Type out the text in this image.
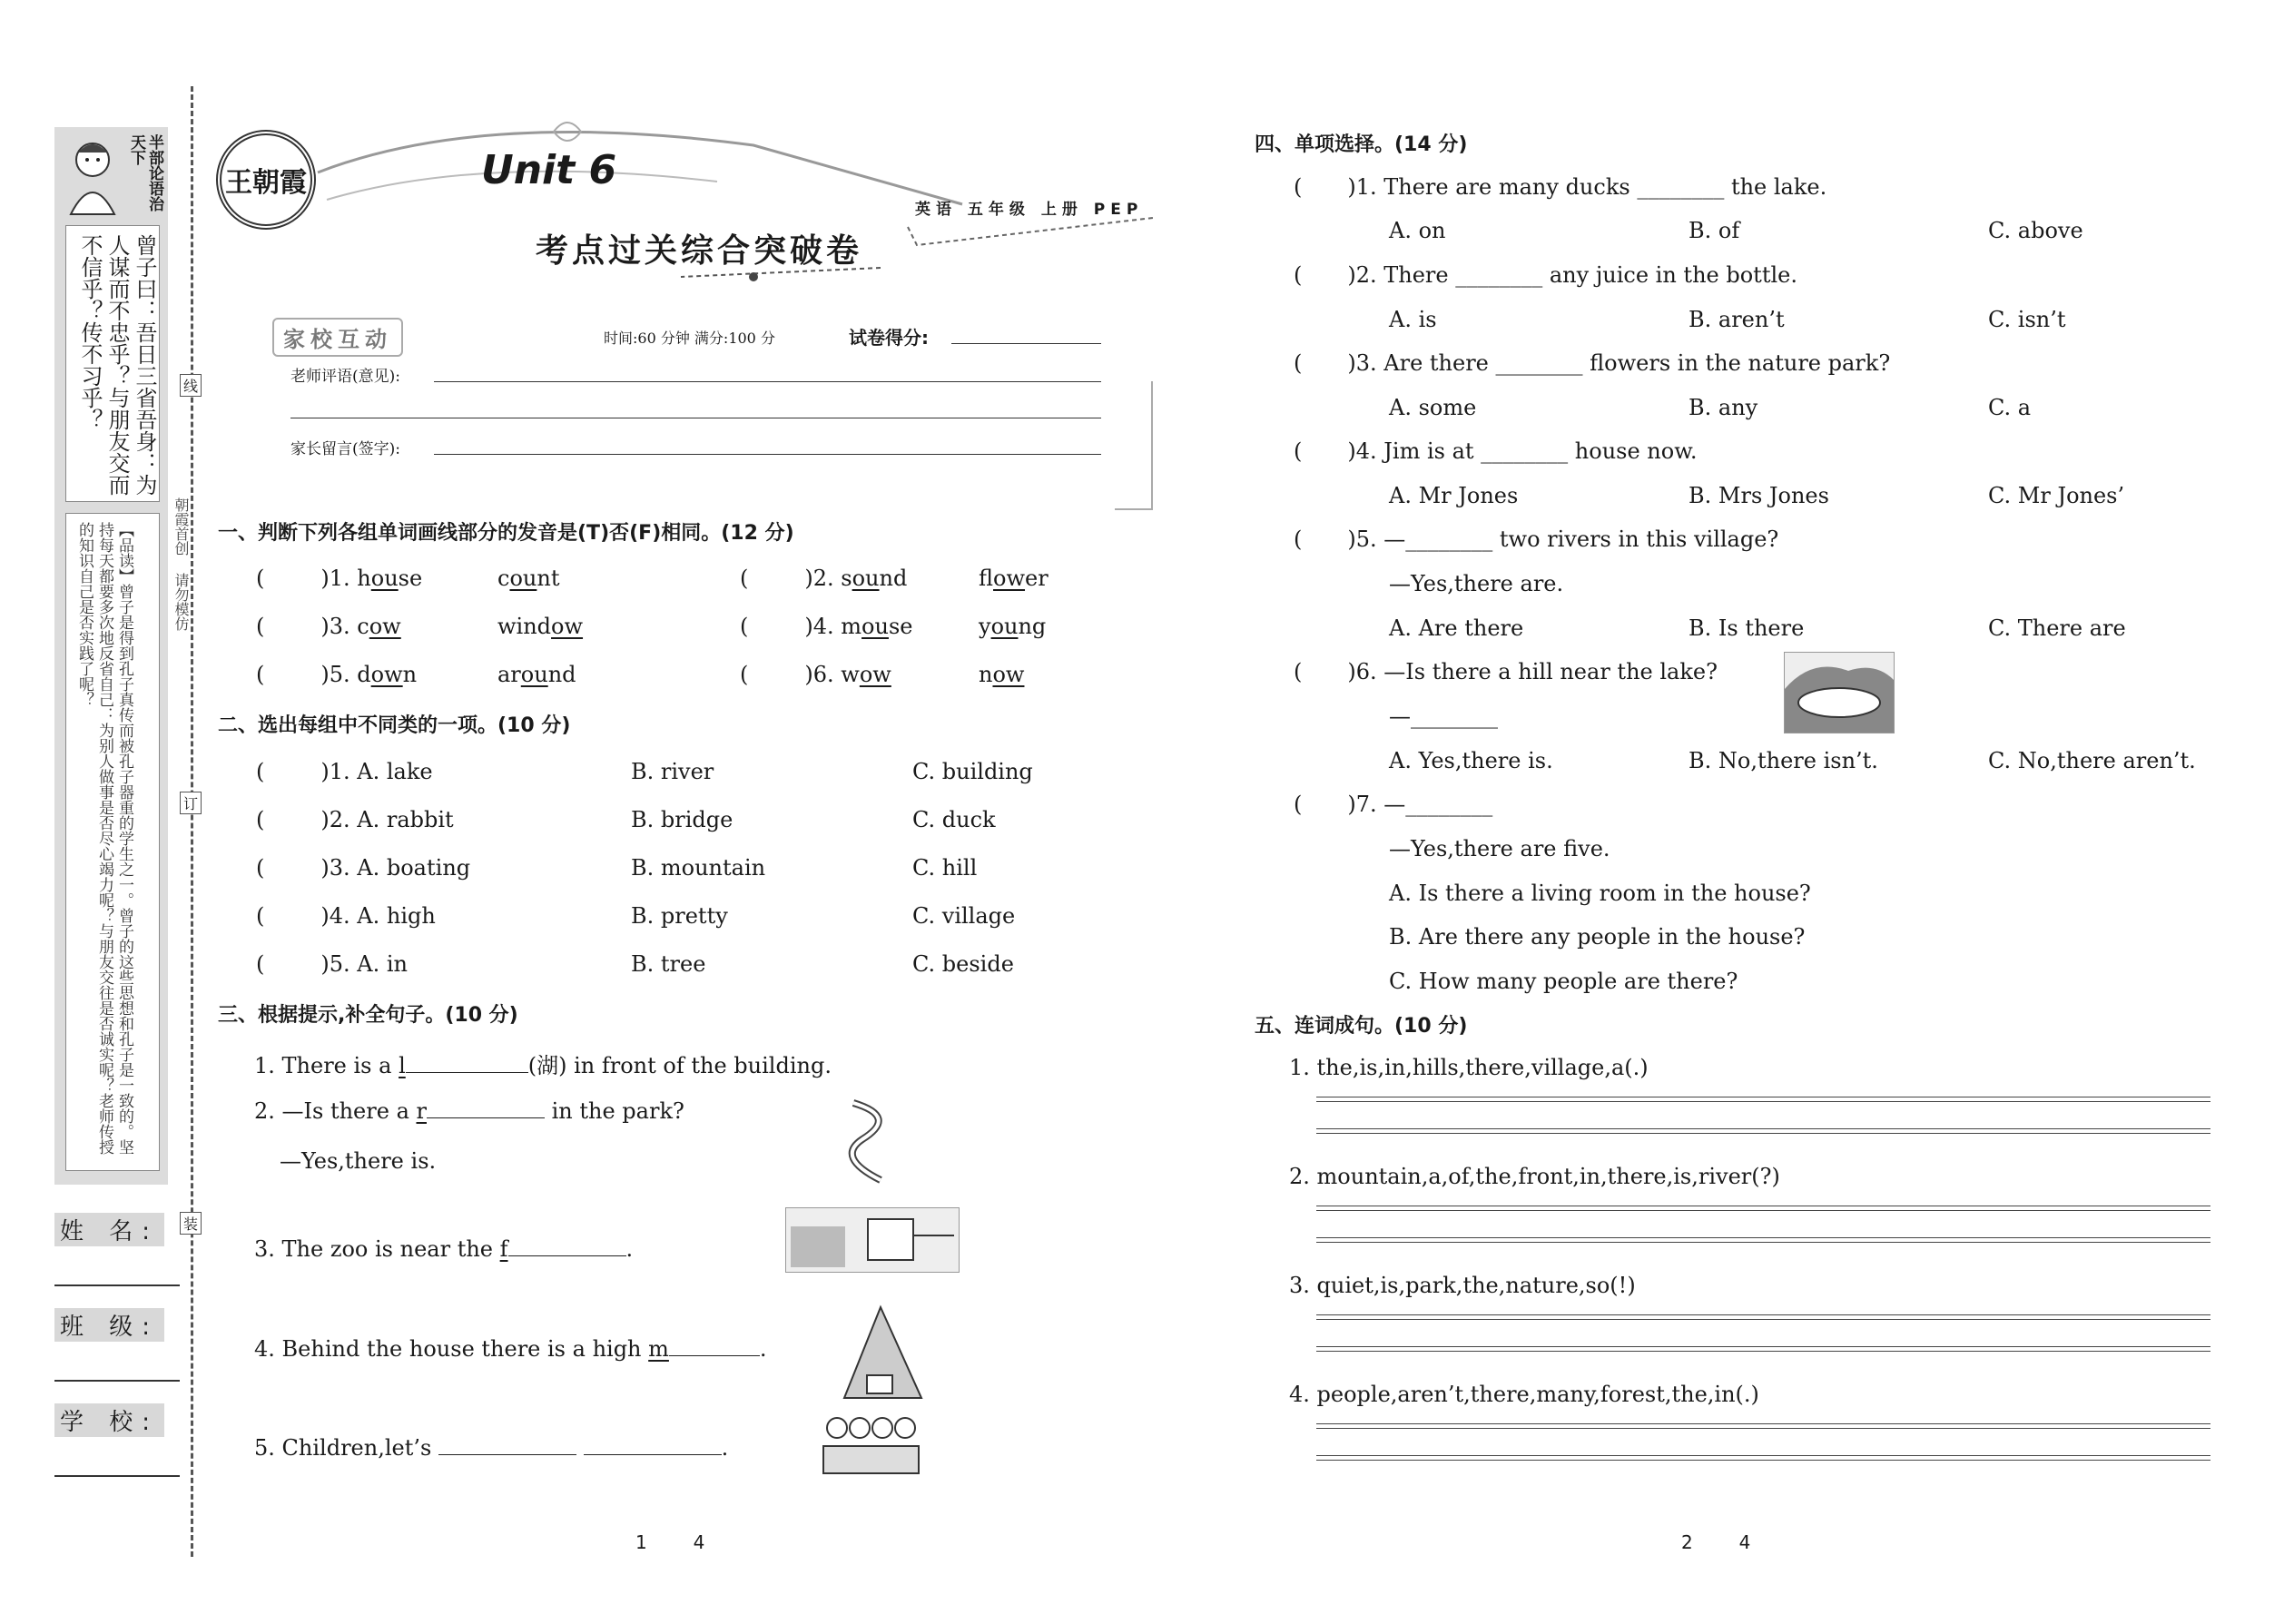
半部论语治天下
曾子曰：吾日三省吾身：为人谋而不忠乎？与朋友交而不信乎？传不习乎？
【品读】曾子是得到孔子真传而被孔子器重的学生之一。曾子的这些思想和孔子是一致的。坚持每天都要多次地反省自己：为别人做事是否尽心竭力呢？与朋友交往是否诚实呢？老师传授的知识自己是否实践了呢？
姓 名:
班 级:
学 校:
朝霞首创 请勿模仿
线
订
装
王朝霞	Unit 6
考点过关综合突破卷
英语 五年级 上册 PEP
家校互动	时间:60 分钟 满分:100 分	试卷得分:
老师评语(意见):
家长留言(签字):
一、判断下列各组单词画线部分的发音是(T)否(F)相同。(12 分)
(	)1. house	count	(	)2. sound	flower
(	)3. cow	window	(	)4. mouse	young
(	)5. down	around	(	)6. wow	now
二、选出每组中不同类的一项。(10 分)
(	)1. A. lake	B. river	C. building
(	)2. A. rabbit	B. bridge	C. duck
(	)3. A. boating	B. mountain	C. hill
(	)4. A. high	B. pretty	C. village
(	)5. A. in	B. tree	C. beside
三、根据提示,补全句子。(10 分)
1. There is a l	(湖) in front of the building.
2. —Is there a r	in the park?
—Yes,there is.
3. The zoo is near the f	.
4. Behind the house there is a high m	.
5. Children,let’s	.
1        4
四、单项选择。(14 分)
( )1. There are many ducks ________ the lake.
A. on	B. of	C. above
( )2. There ________ any juice in the bottle.
A. is	B. aren’t	C. isn’t
( )3. Are there ________ flowers in the nature park?
A. some	B. any	C. a
( )4. Jim is at ________ house now.
A. Mr Jones	B. Mrs Jones	C. Mr Jones’
( )5. —________ two rivers in this village?
—Yes,there are.
A. Are there	B. Is there	C. There are
( )6. —Is there a hill near the lake?
—________
A. Yes,there is.	B. No,there isn’t.	C. No,there aren’t.
( )7. —________
—Yes,there are five.
A. Is there a living room in the house?
B. Are there any people in the house?
C. How many people are there?
五、连词成句。(10 分)
1. the,is,in,hills,there,village,a(.)
2. mountain,a,of,the,front,in,there,is,river(?)
3. quiet,is,park,the,nature,so(!)
4. people,aren’t,there,many,forest,the,in(.)
2        4
